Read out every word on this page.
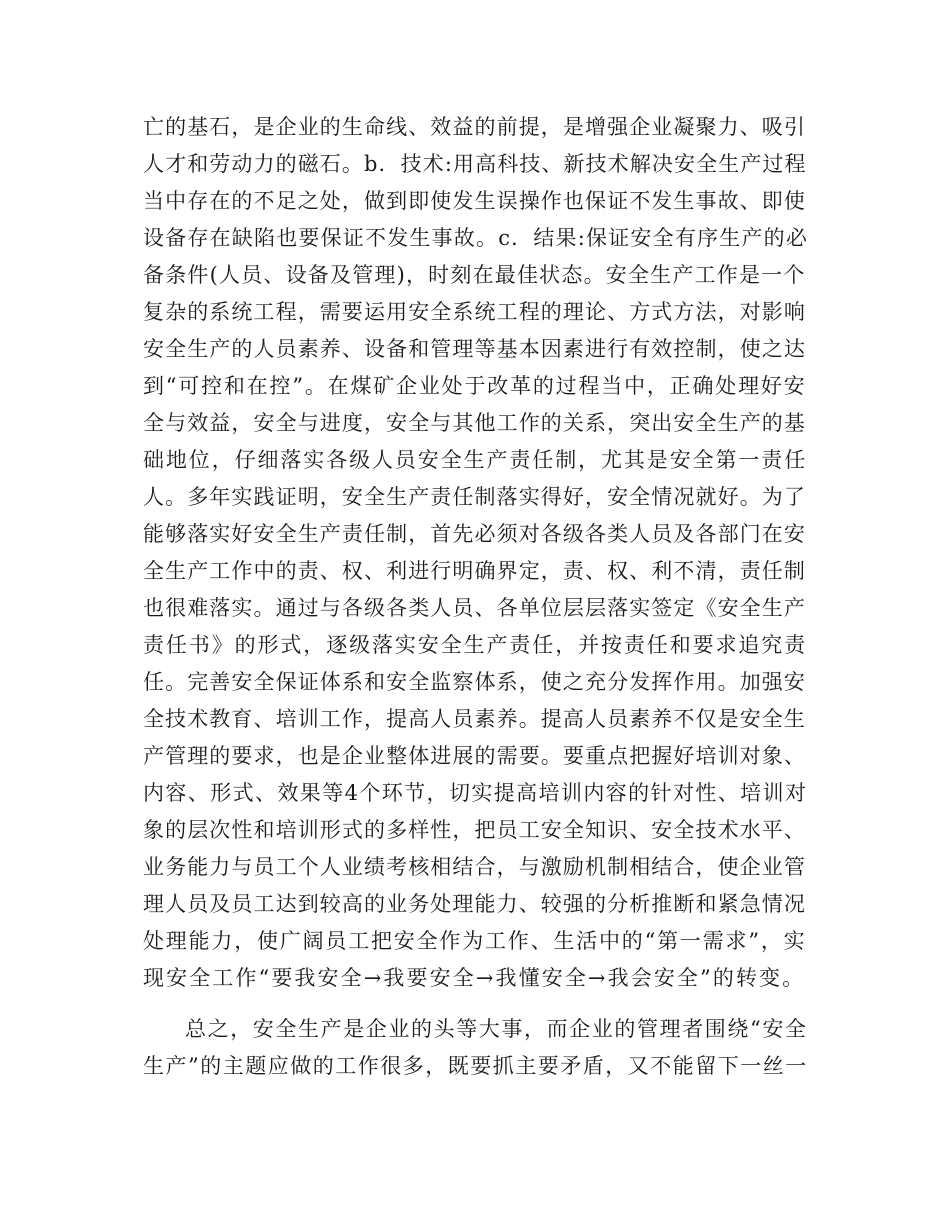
亡的基石，是企业的生命线、效益的前提，是增强企业凝聚力、吸引
人才和劳动力的磁石。b．技术:用高科技、新技术解决安全生产过程
当中存在的不足之处，做到即使发生误操作也保证不发生事故、即使
设备存在缺陷也要保证不发生事故。c．结果:保证安全有序生产的必
备条件(人员、设备及管理)，时刻在最佳状态。安全生产工作是一个
复杂的系统工程，需要运用安全系统工程的理论、方式方法，对影响
安全生产的人员素养、设备和管理等基本因素进行有效控制，使之达
到“可控和在控”。在煤矿企业处于改革的过程当中，正确处理好安
全与效益，安全与进度，安全与其他工作的关系，突出安全生产的基
础地位，仔细落实各级人员安全生产责任制，尤其是安全第一责任
人。多年实践证明，安全生产责任制落实得好，安全情况就好。为了
能够落实好安全生产责任制，首先必须对各级各类人员及各部门在安
全生产工作中的责、权、利进行明确界定，责、权、利不清，责任制
也很难落实。通过与各级各类人员、各单位层层落实签定《安全生产
责任书》的形式，逐级落实安全生产责任，并按责任和要求追究责
任。完善安全保证体系和安全监察体系，使之充分发挥作用。加强安
全技术教育、培训工作，提高人员素养。提高人员素养不仅是安全生
产管理的要求，也是企业整体进展的需要。要重点把握好培训对象、
内容、形式、效果等4个环节，切实提高培训内容的针对性、培训对
象的层次性和培训形式的多样性，把员工安全知识、安全技术水平、
业务能力与员工个人业绩考核相结合，与激励机制相结合，使企业管
理人员及员工达到较高的业务处理能力、较强的分析推断和紧急情况
处理能力，使广阔员工把安全作为工作、生活中的“第一需求”，实
现安全工作“要我安全→我要安全→我懂安全→我会安全”的转变。
总之，安全生产是企业的头等大事，而企业的管理者围绕“安全
生产”的主题应做的工作很多，既要抓主要矛盾，又不能留下一丝一
